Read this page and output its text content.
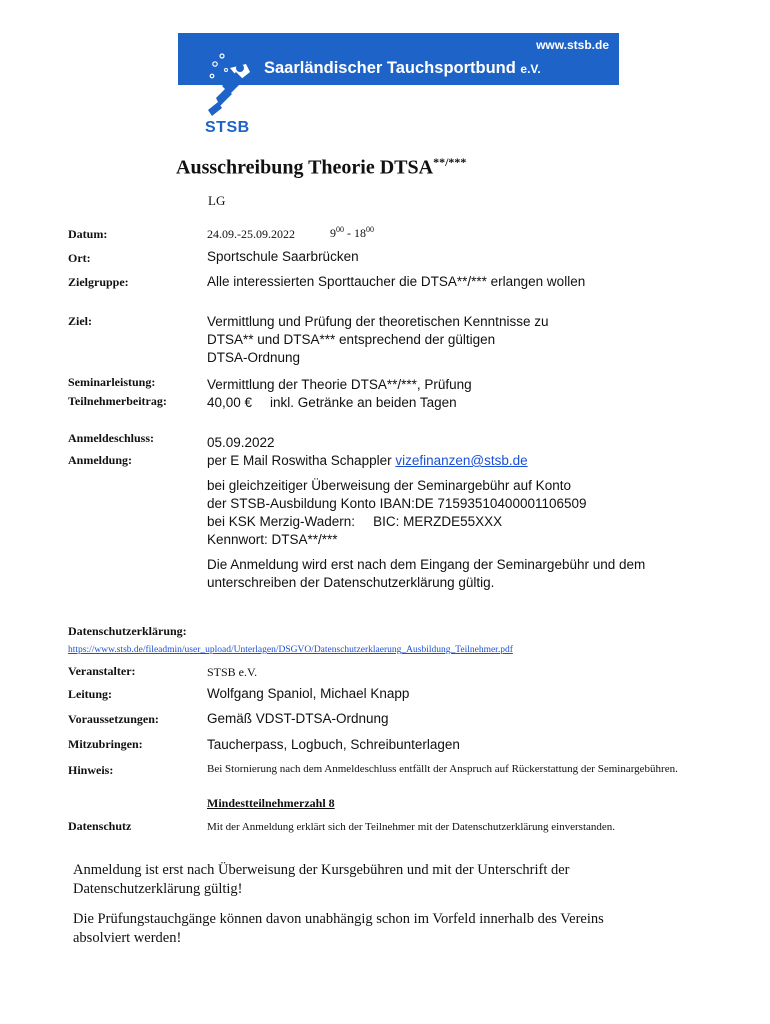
www.stsb.de
Saarländischer Tauchsportbund e.V.
STSB
Ausschreibung Theorie DTSA**/***
LG
Datum:	24.09.-25.09.2022	$9^{00} - 18^{00}$
Ort:	Sportschule Saarbrücken
Zielgruppe:	Alle interessierten Sporttaucher die DTSA**/*** erlangen wollen
Ziel:	Vermittlung und Prüfung der theoretischen Kenntnisse zu
DTSA** und DTSA*** entsprechend der gültigen
DTSA-Ordnung
Seminarleistung:	Vermittlung der Theorie DTSA**/***, Prüfung
Teilnehmerbeitrag:	40,00 € inkl. Getränke an beiden Tagen
Anmeldeschluss:	05.09.2022
Anmeldung:	per E Mail Roswitha Schappler vizefinanzen@stsb.de
bei gleichzeitiger Überweisung der Seminargebühr auf Konto
der STSB-Ausbildung Konto IBAN:DE 71593510400001106509
bei KSK Merzig-Wadern: BIC: MERZDE55XXX
Kennwort: DTSA**/***
Die Anmeldung wird erst nach dem Eingang der Seminargebühr und dem
unterschreiben der Datenschutzerklärung gültig.
Datenschutzerklärung:
https://www.stsb.de/fileadmin/user_upload/Unterlagen/DSGVO/Datenschutzerklaerung_Ausbildung_Teilnehmer.pdf
Veranstalter:	STSB e.V.
Leitung:	Wolfgang Spaniol, Michael Knapp
Voraussetzungen:	Gemäß VDST-DTSA-Ordnung
Mitzubringen:	Taucherpass, Logbuch, Schreibunterlagen
Hinweis:	Bei Stornierung nach dem Anmeldeschluss entfällt der Anspruch auf Rückerstattung der Seminargebühren.
Mindestteilnehmerzahl 8
Datenschutz	Mit der Anmeldung erklärt sich der Teilnehmer mit der Datenschutzerklärung einverstanden.
Anmeldung ist erst nach Überweisung der Kursgebühren und mit der Unterschrift der
Datenschutzerklärung gültig!
Die Prüfungstauchgänge können davon unabhängig schon im Vorfeld innerhalb des Vereins
absolviert werden!
